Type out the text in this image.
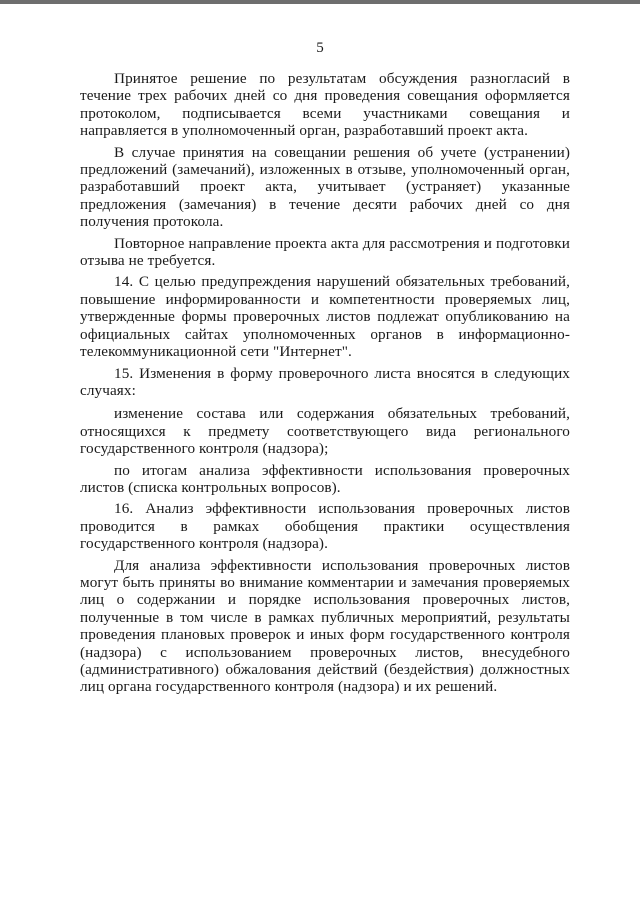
5

Принятое решение по результатам обсуждения разногласий в течение трех рабочих дней со дня проведения совещания оформляется протоколом, подписывается всеми участниками совещания и направляется в уполномоченный орган, разработавший проект акта.

В случае принятия на совещании решения об учете (устранении) предложений (замечаний), изложенных в отзыве, уполномоченный орган, разработавший проект акта, учитывает (устраняет) указанные предложения (замечания) в течение десяти рабочих дней со дня получения протокола.

Повторное направление проекта акта для рассмотрения и подготовки отзыва не требуется.

14. С целью предупреждения нарушений обязательных требований, повышение информированности и компетентности проверяемых лиц, утвержденные формы проверочных листов подлежат опубликованию на официальных сайтах уполномоченных органов в информационно-телекоммуникационной сети "Интернет".

15. Изменения в форму проверочного листа вносятся в следующих случаях:

изменение состава или содержания обязательных требований, относящихся к предмету соответствующего вида регионального государственного контроля (надзора);

по итогам анализа эффективности использования проверочных листов (списка контрольных вопросов).

16. Анализ эффективности использования проверочных листов проводится в рамках обобщения практики осуществления государственного контроля (надзора).

Для анализа эффективности использования проверочных листов могут быть приняты во внимание комментарии и замечания проверяемых лиц о содержании и порядке использования проверочных листов, полученные в том числе в рамках публичных мероприятий, результаты проведения плановых проверок и иных форм государственного контроля (надзора) с использованием проверочных листов, внесудебного (административного) обжалования действий (бездействия) должностных лиц органа государственного контроля (надзора) и их решений.
